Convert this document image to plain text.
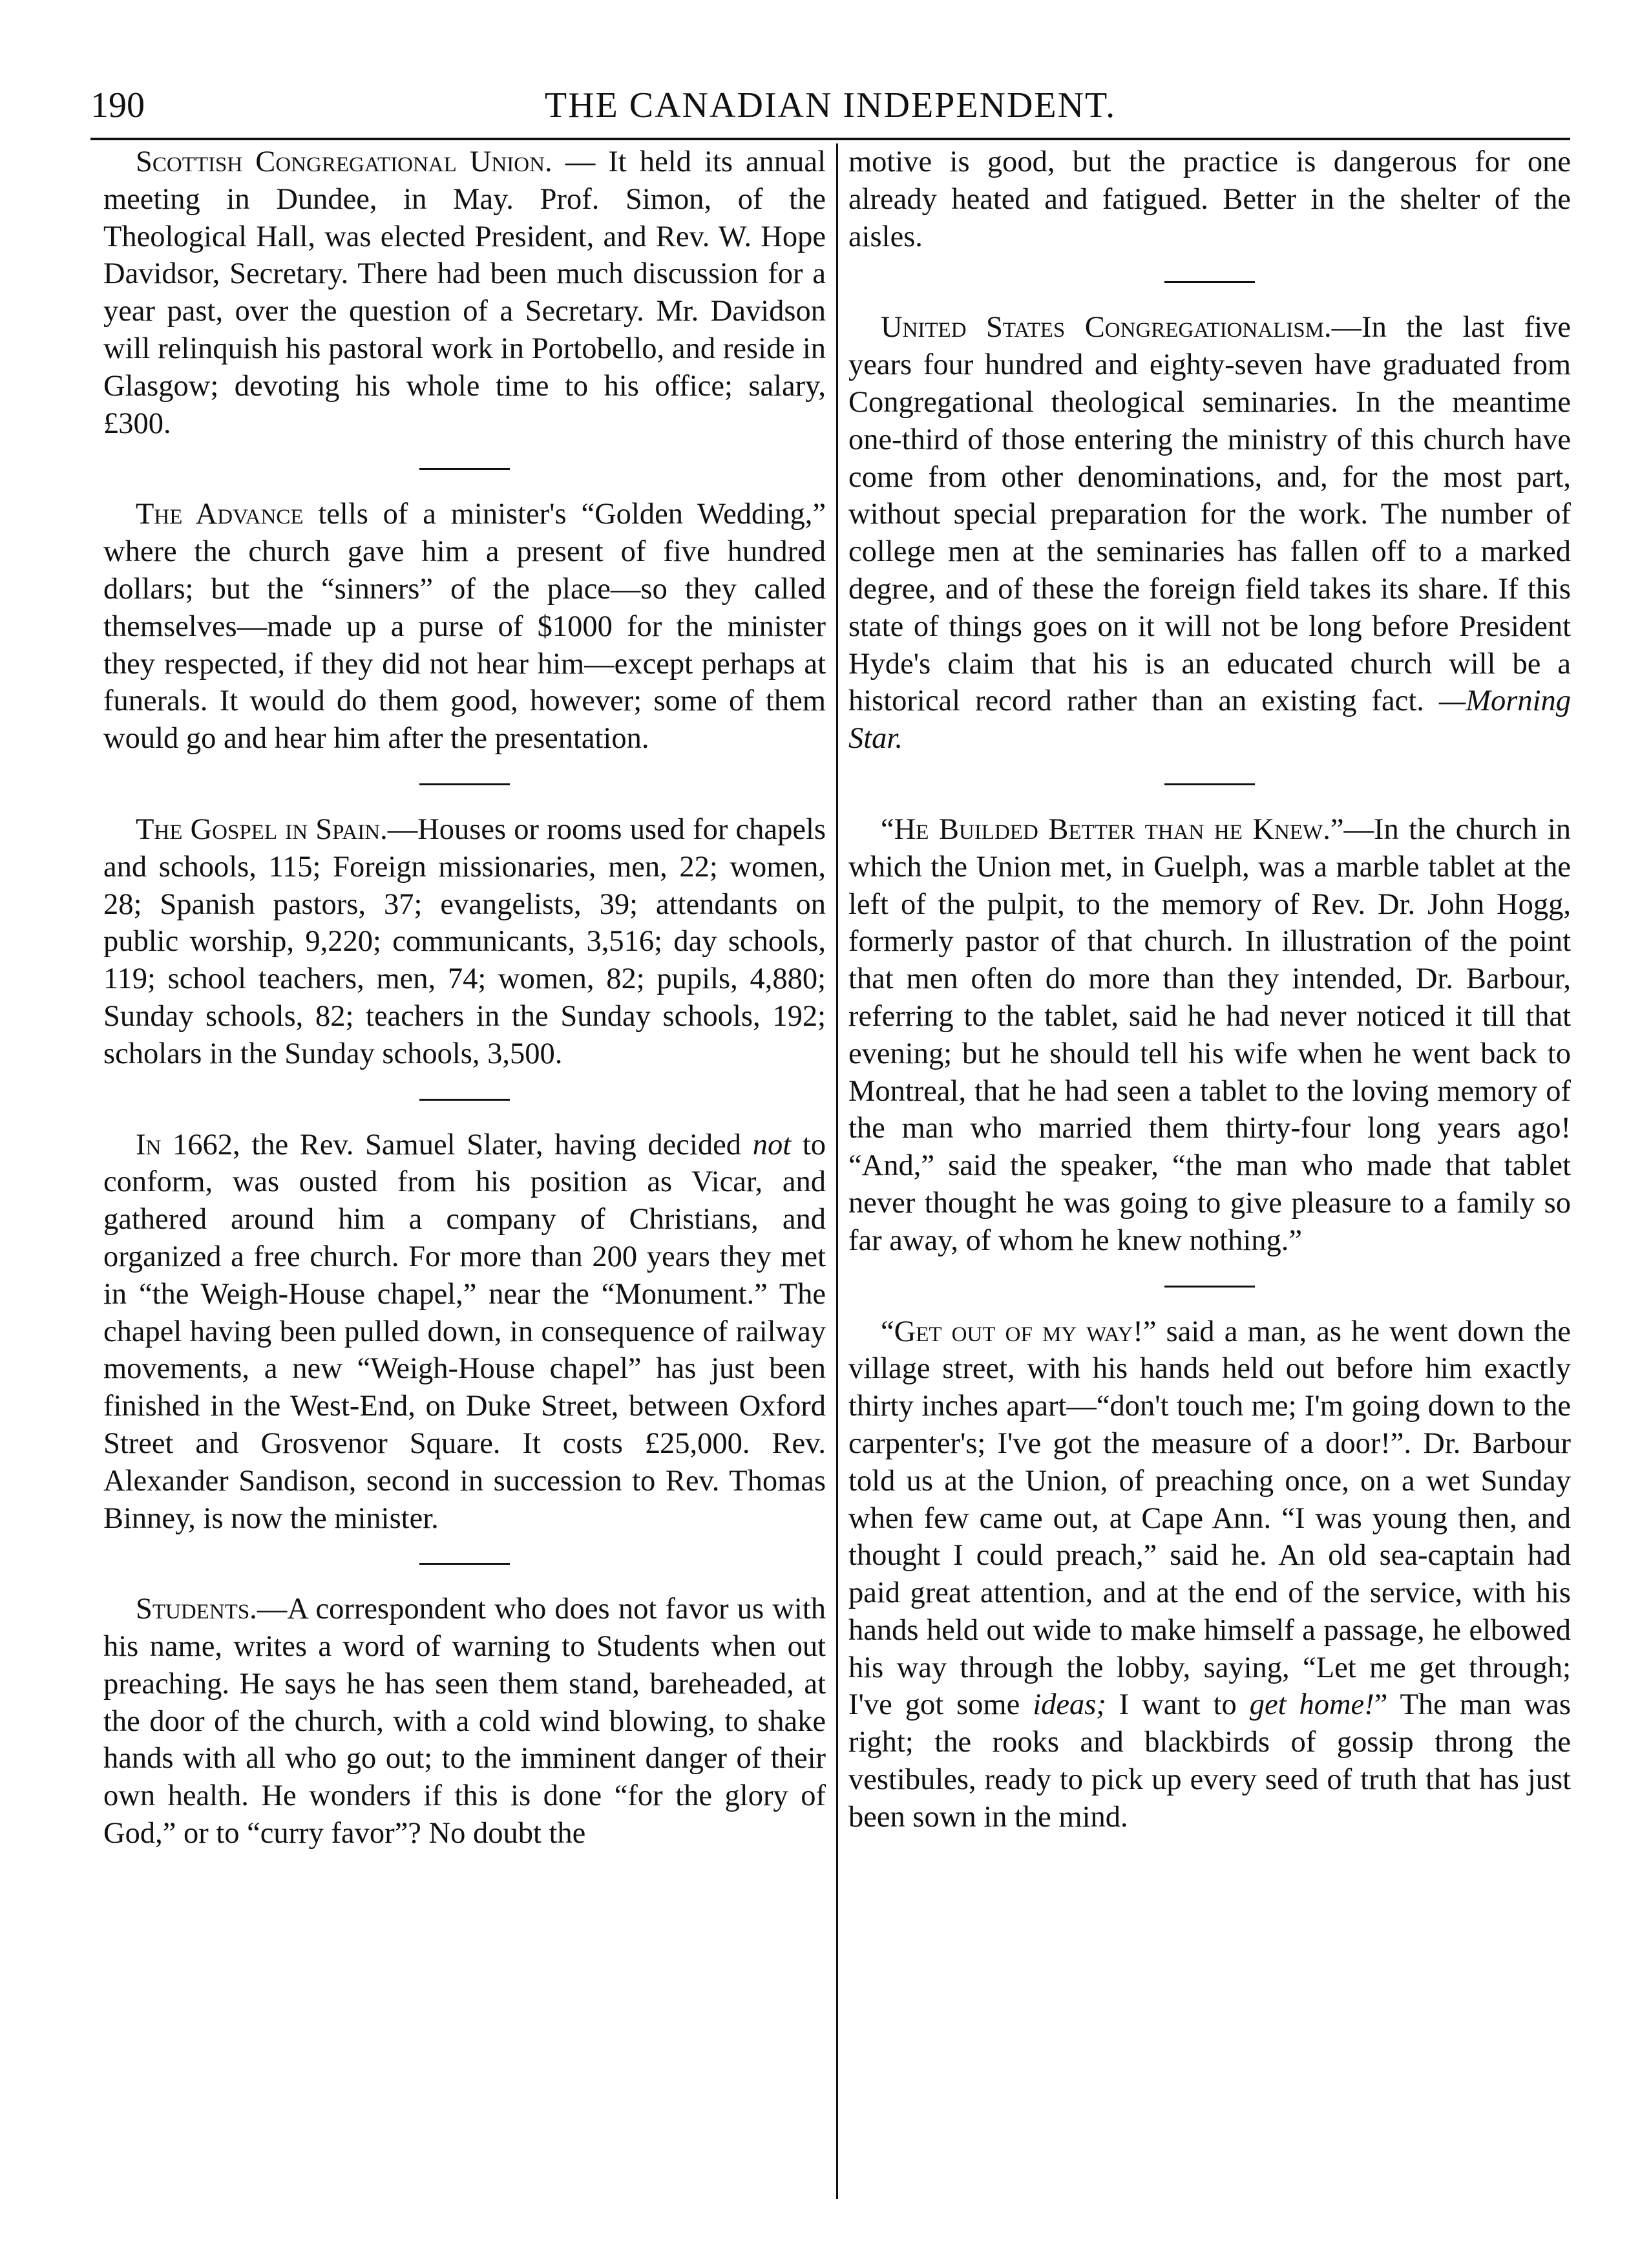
190	THE CANADIAN INDEPENDENT.

Scottish Congregational Union. — It held its annual meeting in Dundee, in May. Prof. Simon, of the Theological Hall, was elected President, and Rev. W. Hope Davidsor, Secretary. There had been much discussion for a year past, over the question of a Secretary. Mr. Davidson will relinquish his pastoral work in Portobello, and reside in Glasgow; devoting his whole time to his office; salary, £300.

The Advance tells of a minister's “Golden Wedding,” where the church gave him a present of five hundred dollars; but the “sinners” of the place—so they called themselves—made up a purse of $1000 for the minister they respected, if they did not hear him—except perhaps at funerals. It would do them good, however; some of them would go and hear him after the presentation.

The Gospel in Spain.—Houses or rooms used for chapels and schools, 115; Foreign missionaries, men, 22; women, 28; Spanish pastors, 37; evangelists, 39; attendants on public worship, 9,220; communicants, 3,516; day schools, 119; school teachers, men, 74; women, 82; pupils, 4,880; Sunday schools, 82; teachers in the Sunday schools, 192; scholars in the Sunday schools, 3,500.

In 1662, the Rev. Samuel Slater, having decided not to conform, was ousted from his position as Vicar, and gathered around him a company of Christians, and organized a free church. For more than 200 years they met in “the Weigh-House chapel,” near the “Monument.” The chapel having been pulled down, in consequence of railway movements, a new “Weigh-House chapel” has just been finished in the West-End, on Duke Street, between Oxford Street and Grosvenor Square. It costs £25,000. Rev. Alexander Sandison, second in succession to Rev. Thomas Binney, is now the minister.

Students.—A correspondent who does not favor us with his name, writes a word of warning to Students when out preaching. He says he has seen them stand, bareheaded, at the door of the church, with a cold wind blowing, to shake hands with all who go out; to the imminent danger of their own health. He wonders if this is done “for the glory of God,” or to “curry favor”? No doubt the

motive is good, but the practice is dangerous for one already heated and fatigued. Better in the shelter of the aisles.

United States Congregationalism.—In the last five years four hundred and eighty-seven have graduated from Congregational theological seminaries. In the meantime one-third of those entering the ministry of this church have come from other denominations, and, for the most part, without special preparation for the work. The number of college men at the seminaries has fallen off to a marked degree, and of these the foreign field takes its share. If this state of things goes on it will not be long before President Hyde's claim that his is an educated church will be a historical record rather than an existing fact. —Morning Star.

“He Builded Better than he Knew.”—In the church in which the Union met, in Guelph, was a marble tablet at the left of the pulpit, to the memory of Rev. Dr. John Hogg, formerly pastor of that church. In illustration of the point that men often do more than they intended, Dr. Barbour, referring to the tablet, said he had never noticed it till that evening; but he should tell his wife when he went back to Montreal, that he had seen a tablet to the loving memory of the man who married them thirty-four long years ago! “And,” said the speaker, “the man who made that tablet never thought he was going to give pleasure to a family so far away, of whom he knew nothing.”

“Get out of my way!” said a man, as he went down the village street, with his hands held out before him exactly thirty inches apart—“don't touch me; I'm going down to the carpenter's; I've got the measure of a door!”. Dr. Barbour told us at the Union, of preaching once, on a wet Sunday when few came out, at Cape Ann. “I was young then, and thought I could preach,” said he. An old sea-captain had paid great attention, and at the end of the service, with his hands held out wide to make himself a passage, he elbowed his way through the lobby, saying, “Let me get through; I've got some ideas; I want to get home!” The man was right; the rooks and blackbirds of gossip throng the vestibules, ready to pick up every seed of truth that has just been sown in the mind.
